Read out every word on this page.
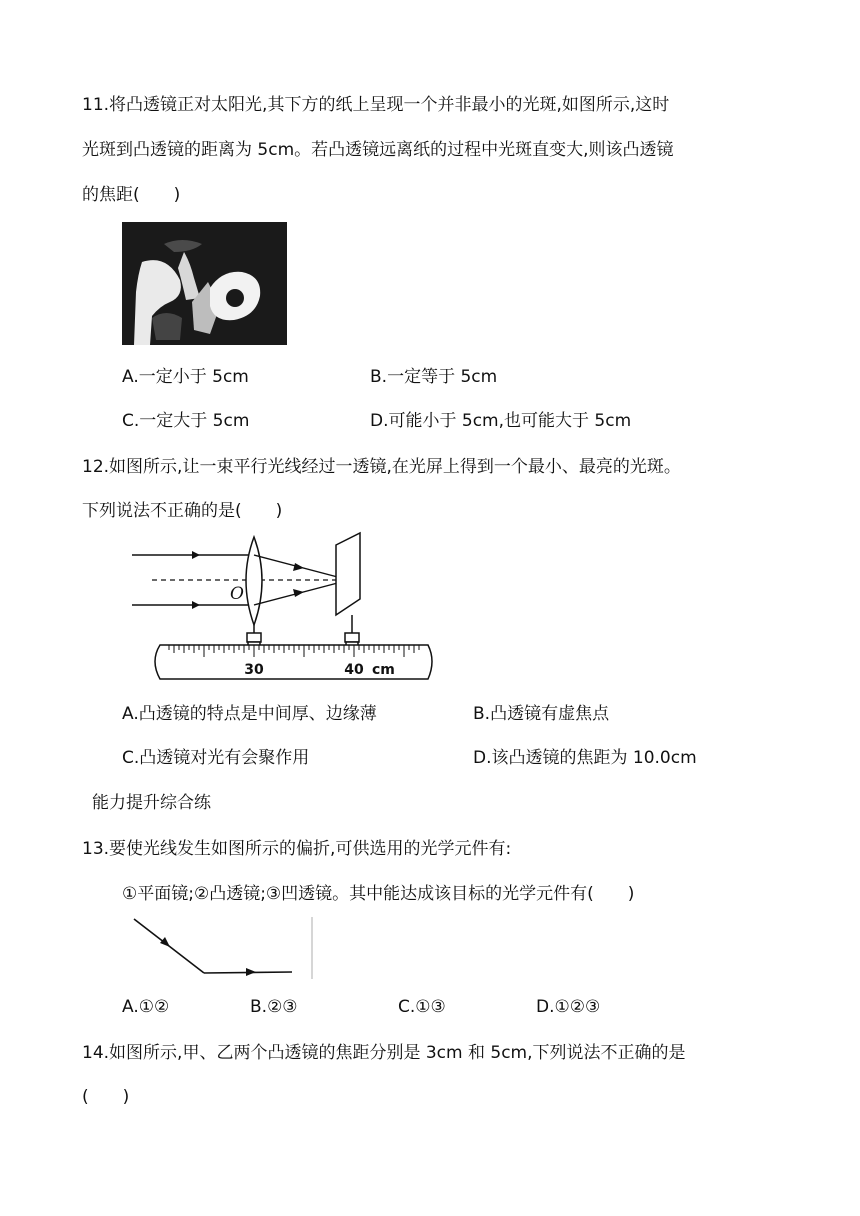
11.将凸透镜正对太阳光,其下方的纸上呈现一个并非最小的光斑,如图所示,这时
光斑到凸透镜的距离为 5cm。若凸透镜远离纸的过程中光斑直变大,则该凸透镜
的焦距(　　)
A.一定小于 5cm	B.一定等于 5cm
C.一定大于 5cm	D.可能小于 5cm,也可能大于 5cm
12.如图所示,让一束平行光线经过一透镜,在光屏上得到一个最小、最亮的光斑。
下列说法不正确的是(　　)
O
30	40 cm
A.凸透镜的特点是中间厚、边缘薄	B.凸透镜有虚焦点
C.凸透镜对光有会聚作用	D.该凸透镜的焦距为 10.0cm
能力提升综合练
13.要使光线发生如图所示的偏折,可供选用的光学元件有:
①平面镜;②凸透镜;③凹透镜。其中能达成该目标的光学元件有(　　)
A.①②	B.②③	C.①③	D.①②③
14.如图所示,甲、乙两个凸透镜的焦距分别是 3cm 和 5cm,下列说法不正确的是
(　　)
